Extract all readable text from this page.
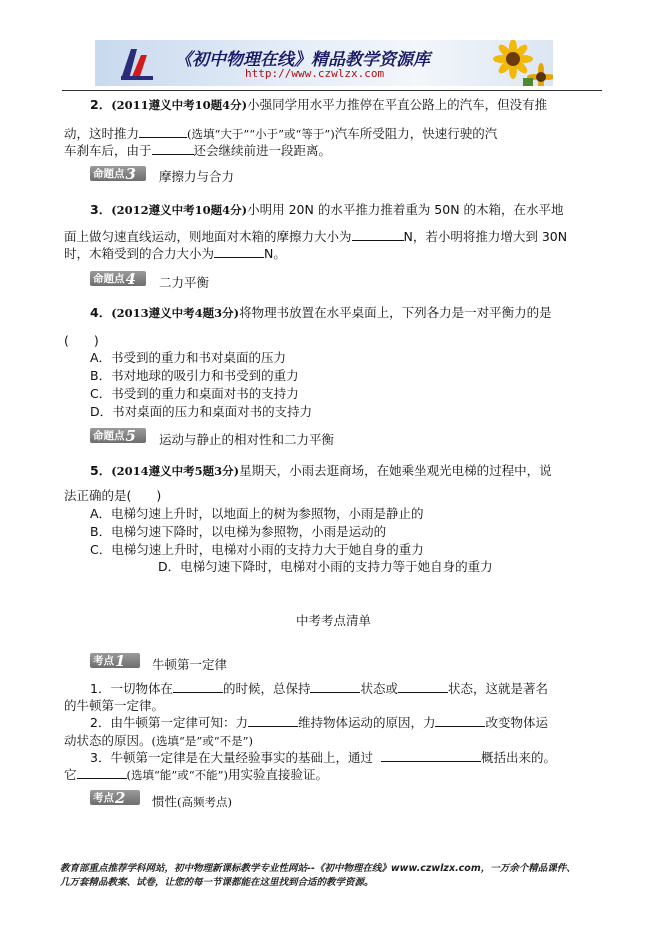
《初中物理在线》精品教学资源库
http://www.czwlzx.com
2．(2011遵义中考10题4分)小强同学用水平力推停在平直公路上的汽车，但没有推
动，这时推力	(选填“大于”“小于”或“等于”)汽车所受阻力，快速行驶的汽
车刹车后，由于	还会继续前进一段距离。
命题点 3 摩擦力与合力
3．(2012遵义中考10题4分)小明用 20N 的水平推力推着重为 50N 的木箱，在水平地
面上做匀速直线运动，则地面对木箱的摩擦力大小为	N，若小明将推力增大到 30N
时，木箱受到的合力大小为	N。
命题点 4 二力平衡
4．(2013遵义中考4题3分)将物理书放置在水平桌面上，下列各力是一对平衡力的是
(　　)
A．书受到的重力和书对桌面的压力
B．书对地球的吸引力和书受到的重力
C．书受到的重力和桌面对书的支持力
D．书对桌面的压力和桌面对书的支持力
命题点 5 运动与静止的相对性和二力平衡
5．(2014遵义中考5题3分)星期天，小雨去逛商场，在她乘坐观光电梯的过程中，说
法正确的是(　　)
A．电梯匀速上升时，以地面上的树为参照物，小雨是静止的
B．电梯匀速下降时，以电梯为参照物，小雨是运动的
C．电梯匀速上升时，电梯对小雨的支持力大于她自身的重力
D．电梯匀速下降时，电梯对小雨的支持力等于她自身的重力
中考考点清单
考点 1 牛顿第一定律
1．一切物体在	的时候，总保持	状态或	状态，这就是著名
的牛顿第一定律。
2．由牛顿第一定律可知：力	维持物体运动的原因，力	改变物体运
动状态的原因。(选填“是”或“不是”)
3．牛顿第一定律是在大量经验事实的基础上，通过	概括出来的。
它	(选填“能”或“不能”)用实验直接验证。
考点 2 惯性(高频考点)
教育部重点推荐学科网站，初中物理新课标教学专业性网站--《初中物理在线》www.czwlzx.com，一万余个精品课件、
几万套精品教案、试卷，让您的每一节课都能在这里找到合适的教学资源。
